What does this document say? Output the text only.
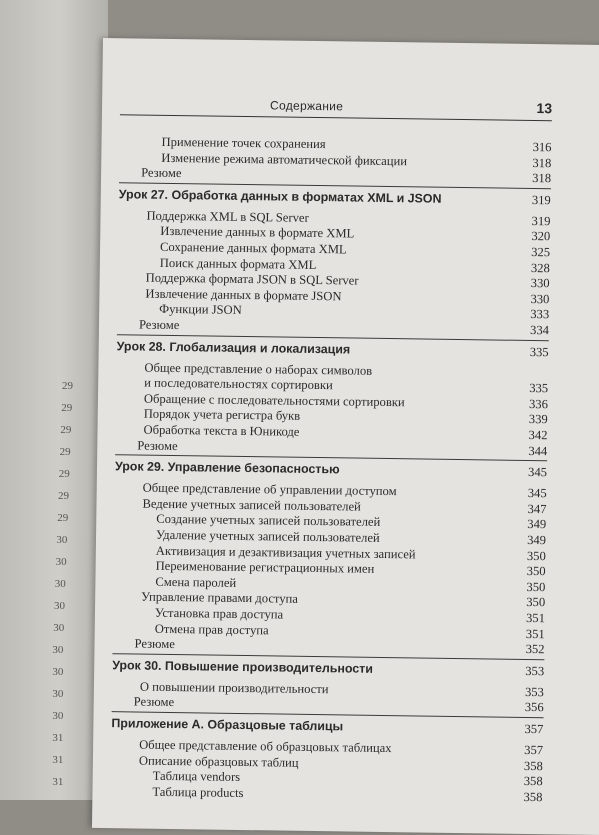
Содержание	13
Применение точек сохранения	316
Изменение режима автоматической фиксации	318
Резюме	318
Урок 27. Обработка данных в форматах XML и JSON	319
Поддержка XML в SQL Server	319
Извлечение данных в формате XML	320
Сохранение данных формата XML	325
Поиск данных формата XML	328
Поддержка формата JSON в SQL Server	330
Извлечение данных в формате JSON	330
Функции JSON	333
Резюме	334
Урок 28. Глобализация и локализация	335
Общее представление о наборах символов
и последовательностях сортировки	335
Обращение с последовательностями сортировки	336
Порядок учета регистра букв	339
Обработка текста в Юникоде	342
Резюме	344
Урок 29. Управление безопасностью	345
Общее представление об управлении доступом	345
Ведение учетных записей пользователей	347
Создание учетных записей пользователей	349
Удаление учетных записей пользователей	349
Активизация и дезактивизация учетных записей	350
Переименование регистрационных имен	350
Смена паролей	350
Управление правами доступа	350
Установка прав доступа	351
Отмена прав доступа	351
Резюме	352
Урок 30. Повышение производительности	353
О повышении производительности	353
Резюме	356
Приложение А. Образцовые таблицы	357
Общее представление об образцовых таблицах	357
Описание образцовых таблиц	358
Таблица vendors	358
Таблица products	358
29
29
29
29
29
29
29
30
30
30
30
30
30
30
30
30
31
31
31
